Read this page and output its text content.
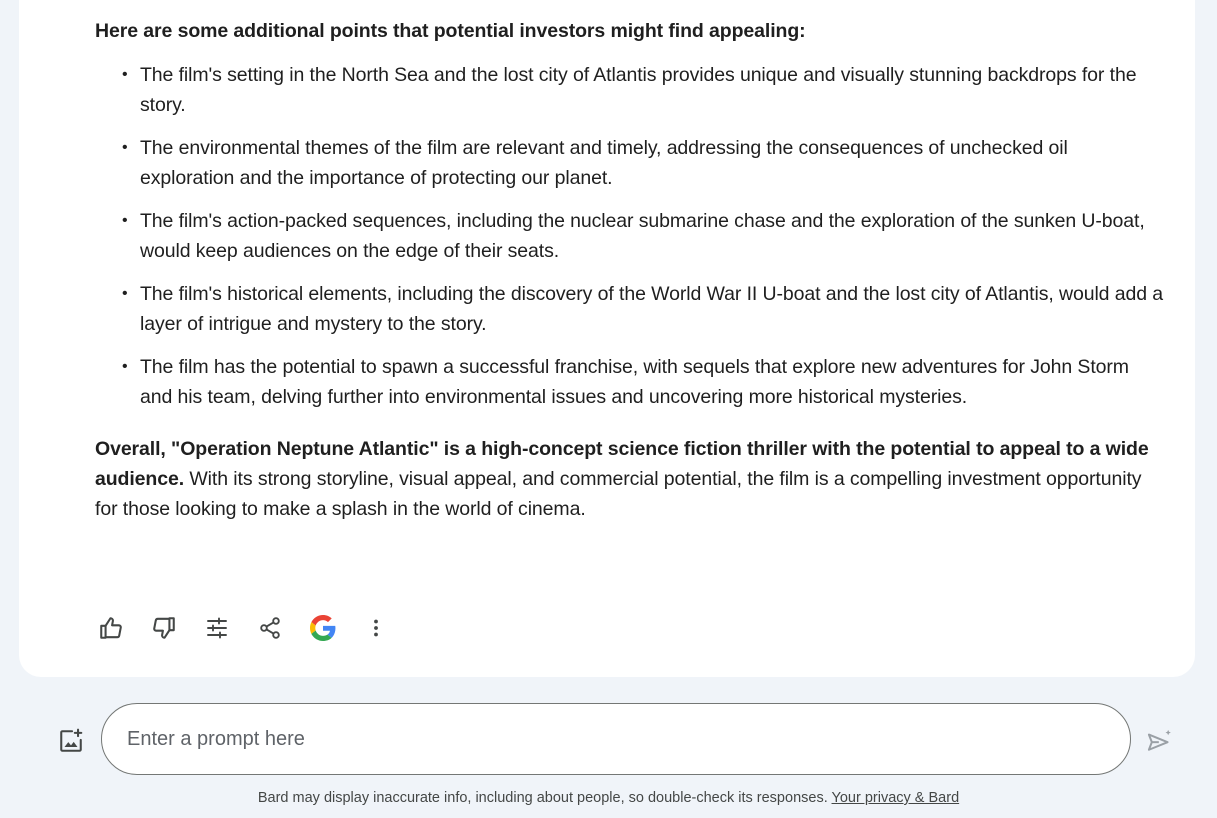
Here are some additional points that potential investors might find appealing:

• The film's setting in the North Sea and the lost city of Atlantis provides unique and visually stunning backdrops for the story.
• The environmental themes of the film are relevant and timely, addressing the consequences of unchecked oil exploration and the importance of protecting our planet.
• The film's action-packed sequences, including the nuclear submarine chase and the exploration of the sunken U-boat, would keep audiences on the edge of their seats.
• The film's historical elements, including the discovery of the World War II U-boat and the lost city of Atlantis, would add a layer of intrigue and mystery to the story.
• The film has the potential to spawn a successful franchise, with sequels that explore new adventures for John Storm and his team, delving further into environmental issues and uncovering more historical mysteries.

Overall, "Operation Neptune Atlantic" is a high-concept science fiction thriller with the potential to appeal to a wide audience. With its strong storyline, visual appeal, and commercial potential, the film is a compelling investment opportunity for those looking to make a splash in the world of cinema.

Enter a prompt here
Bard may display inaccurate info, including about people, so double-check its responses. Your privacy & Bard
